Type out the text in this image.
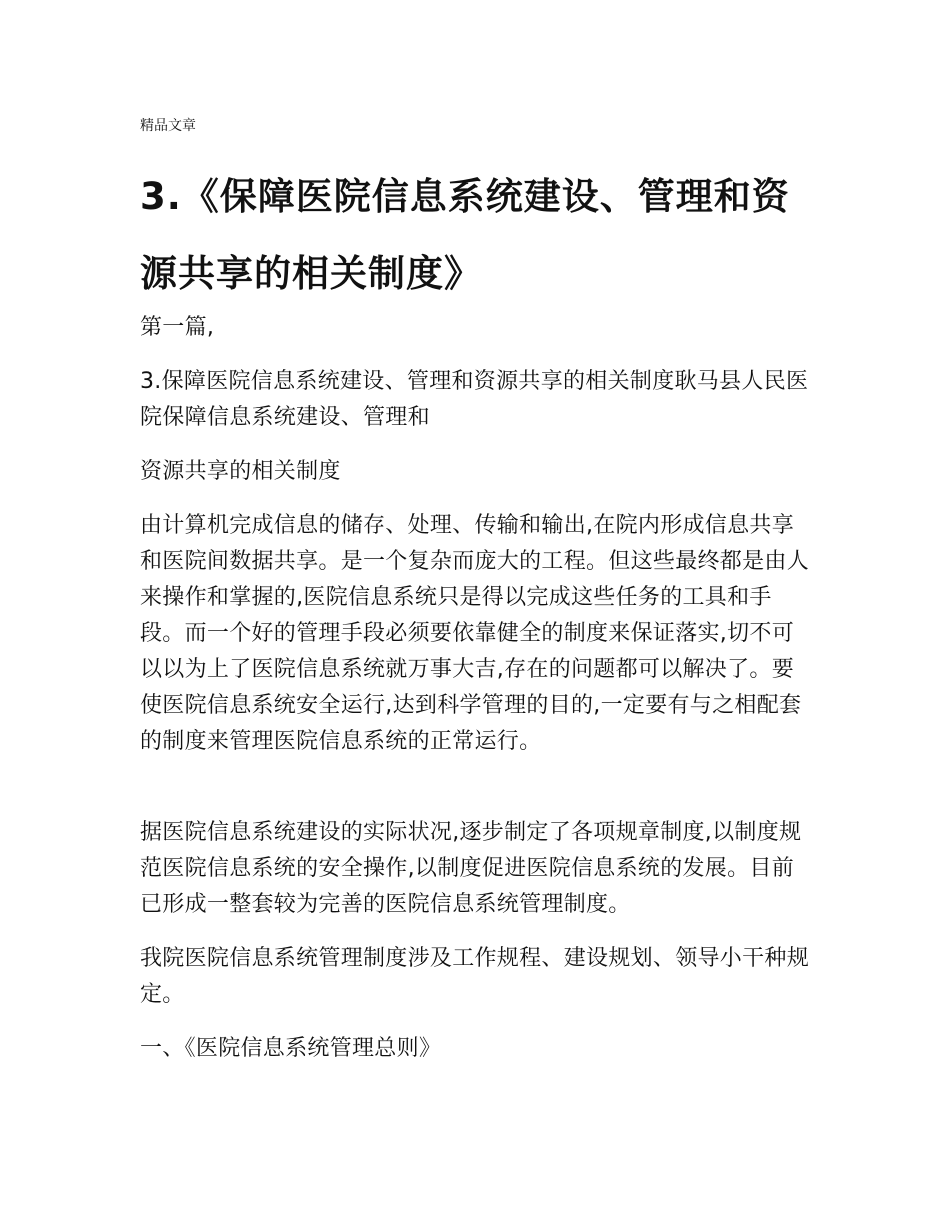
精品文章
3.《保障医院信息系统建设、管理和资源共享的相关制度》

第一篇,

3.保障医院信息系统建设、管理和资源共享的相关制度耿马县人民医院保障信息系统建设、管理和

资源共享的相关制度

由计算机完成信息的储存、处理、传输和输出,在院内形成信息共享和医院间数据共享。是一个复杂而庞大的工程。但这些最终都是由人来操作和掌握的,医院信息系统只是得以完成这些任务的工具和手段。而一个好的管理手段必须要依靠健全的制度来保证落实,切不可以以为上了医院信息系统就万事大吉,存在的问题都可以解决了。要使医院信息系统安全运行,达到科学管理的目的,一定要有与之相配套的制度来管理医院信息系统的正常运行。

据医院信息系统建设的实际状况,逐步制定了各项规章制度,以制度规范医院信息系统的安全操作,以制度促进医院信息系统的发展。目前已形成一整套较为完善的医院信息系统管理制度。

我院医院信息系统管理制度涉及工作规程、建设规划、领导小干种规定。

一、《医院信息系统管理总则》
